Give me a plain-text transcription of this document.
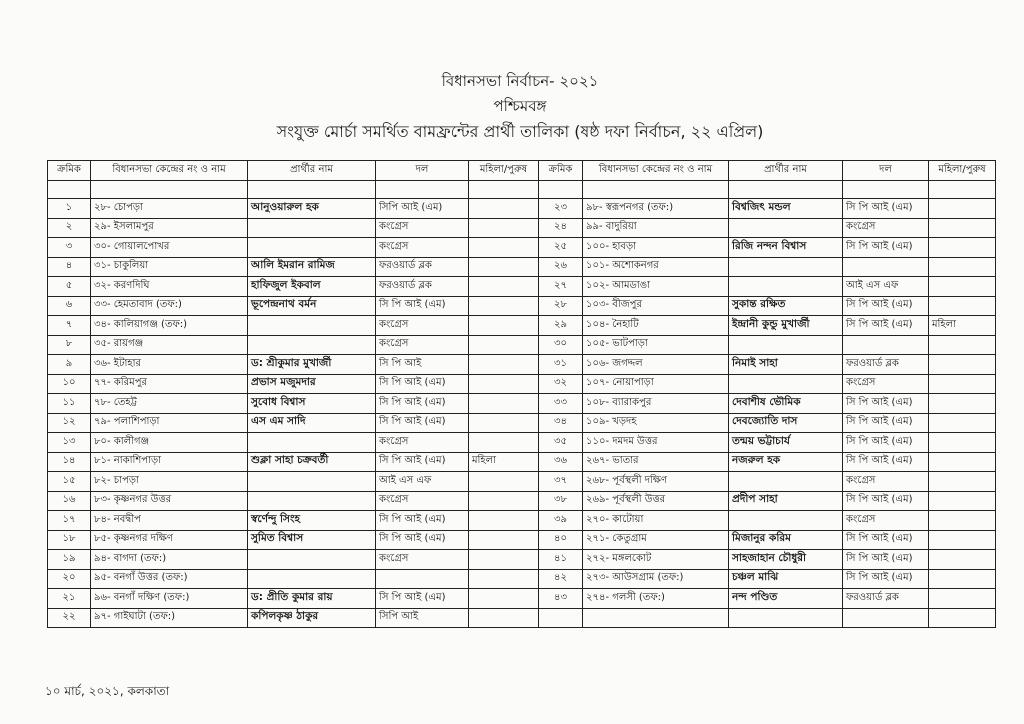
বিধানসভা নির্বাচন- ২০২১
পশ্চিমবঙ্গ
সংযুক্ত মোর্চা সমর্থিত বামফ্রন্টের প্রার্থী তালিকা (ষষ্ঠ দফা নির্বাচন, ২২ এপ্রিল)
ক্রমিক	বিধানসভা কেন্দ্রের নং ও নাম	প্রার্থীর নাম	দল	মহিলা/পুরুষ	ক্রমিক	বিধানসভা কেন্দ্রের নং ও নাম	প্রার্থীর নাম	দল	মহিলা/পুরুষ

১	২৮- চোপড়া	আনুওয়ারুল হক	সিপি আই (এম)		২৩	৯৮- স্বরূপনগর (তফ:)	বিশ্বজিৎ মন্ডল	সি পি আই (এম)	
২	২৯- ইসলামপুর		কংগ্রেস		২৪	৯৯- বাদুরিয়া		কংগ্রেস	
৩	৩০- গোয়ালপোখর		কংগ্রেস		২৫	১০০- হাবড়া	রিজি নন্দন বিশ্বাস	সি পি আই (এম)	
৪	৩১- চাকুলিয়া	আলি ইমরান রামিজ	ফরওয়ার্ড ব্লক		২৬	১০১- অশোকনগর			
৫	৩২- করণদিঘি	হাফিজুল ইকবাল	ফরওয়ার্ড ব্লক		২৭	১০২- আমডাঙা		আই এস এফ	
৬	৩৩- হেমতাবাদ (তফ:)	ভূপেন্দ্রনাথ বর্মন	সি পি আই (এম)		২৮	১০৩- বীজপুর	সুকান্ত রক্ষিত	সি পি আই (এম)	
৭	৩৪- কালিয়াগঞ্জ (তফ:)		কংগ্রেস		২৯	১০৪- নৈহাটি	ইন্দ্রানী কুন্ডু মুখার্জী	সি পি আই (এম)	মহিলা
৮	৩৫- রায়গঞ্জ		কংগ্রেস		৩০	১০৫- ভাটপাড়া			
৯	৩৬- ইটাহার	ড: শ্রীকুমার মুখার্জী	সি পি আই		৩১	১০৬- জগদ্দল	নিমাই সাহা	ফরওয়ার্ড ব্লক	
১০	৭৭- করিমপুর	প্রভাস মজুমদার	সি পি আই (এম)		৩২	১০৭- নোয়াপাড়া		কংগ্রেস	
১১	৭৮- তেহট্ট	সুবোধ বিশ্বাস	সি পি আই (এম)		৩৩	১০৮- ব্যারাকপুর	দেবাশীষ ভৌমিক	সি পি আই (এম)	
১২	৭৯- পলাশিপাড়া	এস এম সাদি	সি পি আই (এম)		৩৪	১০৯- খড়দহ	দেবজ্যোতি দাস	সি পি আই (এম)	
১৩	৮০- কালীগঞ্জ		কংগ্রেস		৩৫	১১০- দমদম উত্তর	তন্ময় ভট্টাচার্য	সি পি আই (এম)	
১৪	৮১- নাকাশিপাড়া	শুক্লা সাহা চক্রবর্তী	সি পি আই (এম)	মহিলা	৩৬	২৬৭- ভাতার	নজরুল হক	সি পি আই (এম)	
১৫	৮২- চাপড়া		আই এস এফ		৩৭	২৬৮- পূর্বস্থলী দক্ষিণ		কংগ্রেস	
১৬	৮৩- কৃষ্ণনগর উত্তর		কংগ্রেস		৩৮	২৬৯- পূর্বস্থলী উত্তর	প্রদীপ সাহা	সি পি আই (এম)	
১৭	৮৪- নবদ্বীপ	স্বর্ণেন্দু সিংহ	সি পি আই (এম)		৩৯	২৭০- কাটোয়া		কংগ্রেস	
১৮	৮৫- কৃষ্ণনগর দক্ষিণ	সুমিত বিশ্বাস	সি পি আই (এম)		৪০	২৭১- কেতুগ্রাম	মিজানুর করিম	সি পি আই (এম)	
১৯	৯৪- বাগদা (তফ:)		কংগ্রেস		৪১	২৭২- মঙ্গলকোট	সাহজাহান চৌধুরী	সি পি আই (এম)	
২০	৯৫- বনগাঁ উত্তর (তফ:)				৪২	২৭৩- আউসগ্রাম (তফ:)	চঞ্চল মাঝি	সি পি আই (এম)	
২১	৯৬- বনগাঁ দক্ষিণ (তফ:)	ড: প্রীতি কুমার রায়	সি পি আই (এম)		৪৩	২৭৪- গলসী (তফ:)	নন্দ পণ্ডিত	ফরওয়ার্ড ব্লক	
২২	৯৭- গাইঘাটা (তফ:)	কপিলকৃষ্ণ ঠাকুর	সিপি আই						
১০ মার্চ, ২০২১, কলকাতা
